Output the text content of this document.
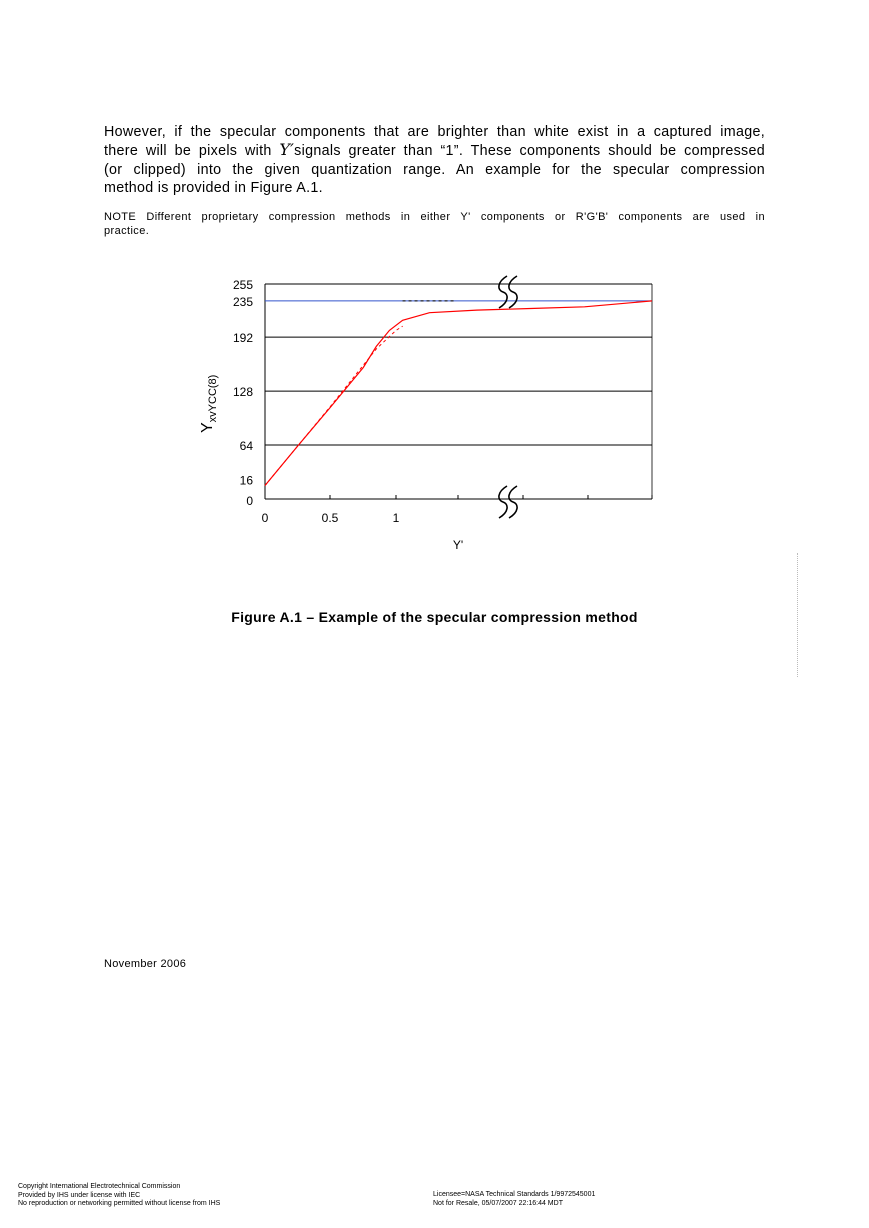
However, if the specular components that are brighter than white exist in a captured image,
there will be pixels with Y′signals greater than “1”. These components should be compressed
(or clipped) into the given quantization range. An example for the specular compression
method is provided in Figure A.1.
NOTE Different proprietary compression methods in either Y' components or R'G'B' components are used in
practice.
255
235
192
128
64
16
0
0	0.5	1
Y'
$Y_{xvYCC(8)}$
Figure A.1 – Example of the specular compression method
November 2006
Copyright International Electrotechnical Commission
Provided by IHS under license with IEC
No reproduction or networking permitted without license from IHS
Licensee=NASA Technical Standards 1/9972545001
Not for Resale, 05/07/2007 22:16:44 MDT
